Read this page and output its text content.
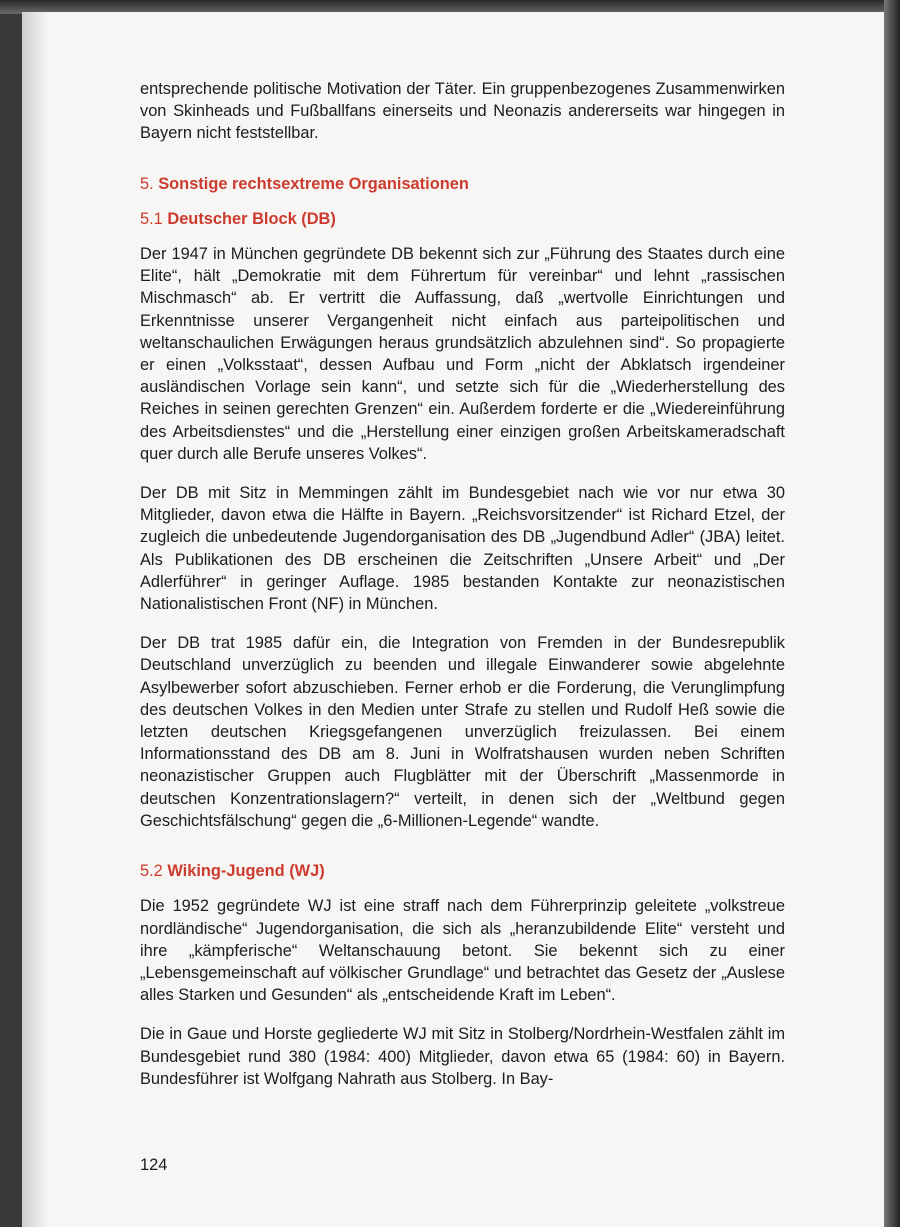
entsprechende politische Motivation der Täter. Ein gruppenbezogenes Zusammenwirken von Skinheads und Fußballfans einerseits und Neonazis andererseits war hingegen in Bayern nicht feststellbar.

5. Sonstige rechtsextreme Organisationen
5.1 Deutscher Block (DB)

Der 1947 in München gegründete DB bekennt sich zur „Führung des Staates durch eine Elite“, hält „Demokratie mit dem Führertum für vereinbar“ und lehnt „rassischen Mischmasch“ ab. Er vertritt die Auffassung, daß „wertvolle Einrichtungen und Erkenntnisse unserer Vergangenheit nicht einfach aus parteipolitischen und weltanschaulichen Erwägungen heraus grundsätzlich abzulehnen sind“. So propagierte er einen „Volksstaat“, dessen Aufbau und Form „nicht der Abklatsch irgendeiner ausländischen Vorlage sein kann“, und setzte sich für die „Wiederherstellung des Reiches in seinen gerechten Grenzen“ ein. Außerdem forderte er die „Wiedereinführung des Arbeitsdienstes“ und die „Herstellung einer einzigen großen Arbeitskameradschaft quer durch alle Berufe unseres Volkes“.

Der DB mit Sitz in Memmingen zählt im Bundesgebiet nach wie vor nur etwa 30 Mitglieder, davon etwa die Hälfte in Bayern. „Reichsvorsitzender“ ist Richard Etzel, der zugleich die unbedeutende Jugendorganisation des DB „Jugendbund Adler“ (JBA) leitet. Als Publikationen des DB erscheinen die Zeitschriften „Unsere Arbeit“ und „Der Adlerführer“ in geringer Auflage. 1985 bestanden Kontakte zur neonazistischen Nationalistischen Front (NF) in München.

Der DB trat 1985 dafür ein, die Integration von Fremden in der Bundesrepublik Deutschland unverzüglich zu beenden und illegale Einwanderer sowie abgelehnte Asylbewerber sofort abzuschieben. Ferner erhob er die Forderung, die Verunglimpfung des deutschen Volkes in den Medien unter Strafe zu stellen und Rudolf Heß sowie die letzten deutschen Kriegsgefangenen unverzüglich freizulassen. Bei einem Informationsstand des DB am 8. Juni in Wolfratshausen wurden neben Schriften neonazistischer Gruppen auch Flugblätter mit der Überschrift „Massenmorde in deutschen Konzentrationslagern?“ verteilt, in denen sich der „Weltbund gegen Geschichtsfälschung“ gegen die „6-Millionen-Legende“ wandte.

5.2 Wiking-Jugend (WJ)

Die 1952 gegründete WJ ist eine straff nach dem Führerprinzip geleitete „volkstreue nordländische“ Jugendorganisation, die sich als „heranzubildende Elite“ versteht und ihre „kämpferische“ Weltanschauung betont. Sie bekennt sich zu einer „Lebensgemeinschaft auf völkischer Grundlage“ und betrachtet das Gesetz der „Auslese alles Starken und Gesunden“ als „entscheidende Kraft im Leben“.

Die in Gaue und Horste gegliederte WJ mit Sitz in Stolberg/Nordrhein-Westfalen zählt im Bundesgebiet rund 380 (1984: 400) Mitglieder, davon etwa 65 (1984: 60) in Bayern. Bundesführer ist Wolfgang Nahrath aus Stolberg. In Bay-

124
